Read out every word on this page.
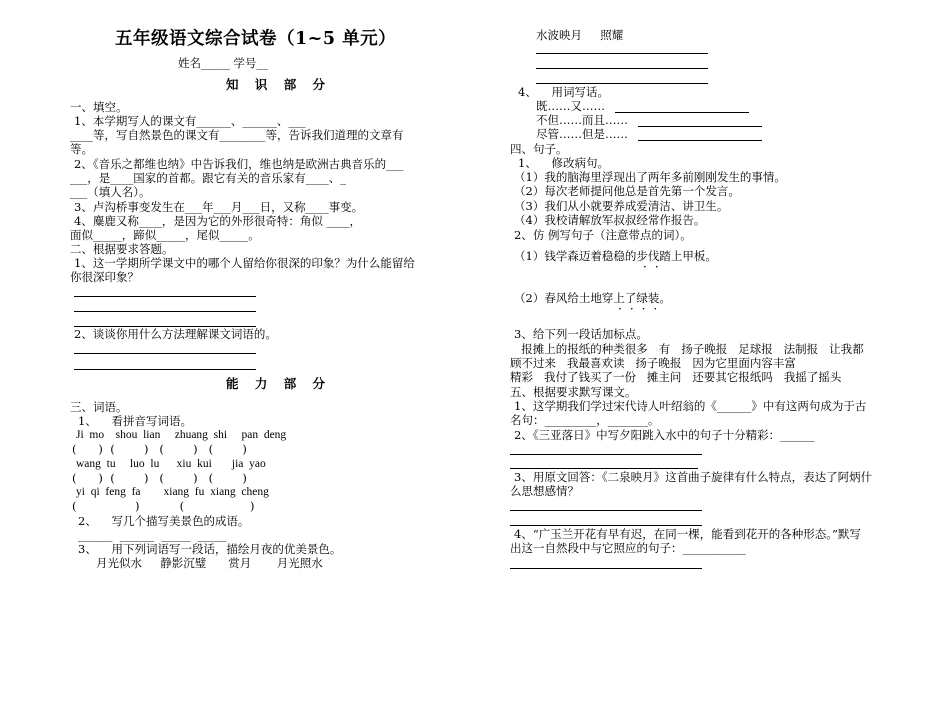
五年级语文综合试卷（1~5 单元）
姓名_____ 学号__
知 识 部 分
一、填空。
1、本学期写人的课文有______、______、___
____等，写自然景色的课文有________等，告诉我们道理的文章有
等。
2、《音乐之都维也纳》中告诉我们，维也纳是欧洲古典音乐的___
___，是____国家的首都。跟它有关的音乐家有____、_
___（填人名）。
3、卢沟桥事变发生在___年___月___日，又称____事变。
4、麋鹿又称____，是因为它的外形很奇特：角似 ____，
面似_____，蹄似_____，尾似_____。
二、根据要求答题。
1、这一学期所学课文中的哪个人留给你很深的印象？为什么能留给
你很深印象？
2、谈谈你用什么方法理解课文词语的。
能 力 部 分
三、词语。
1、    看拼音写词语。
Ji  mo    shou  lian     zhuang  shi     pan  deng
(      )  (        )   (        )   (        )
wang  tu     luo  lu      xiu  kui       jia  yao
(      )  (        )   (        )   (        )
yi  qi  feng  fa        xiang  fu  xiang  cheng
(                )           (                  )
2、    写几个描写美景色的成语。
______  ______  _____  _____
3、    用下列词语写一段话，描绘月夜的优美景色。
月光似水     静影沉璧      赏月       月光照水
水波映月     照耀
4、    用词写话。
既……又……
不但……而且……
尽管……但是……
四、句子。
1、    修改病句。
（1）我的脑海里浮现出了两年多前刚刚发生的事情。
（2）每次老师提问他总是首先第一个发言。
（3）我们从小就要养成爱清洁、讲卫生。
（4）我校请解放军叔叔经常作报告。
2、仿 例写句子（注意带点的词）。
（1）钱学森迈着稳稳的步伐踏上甲板。
··
（2）春风给土地穿上了绿装。
····
3、给下列一段话加标点。
报摊上的报纸的种类很多   有   扬子晚报   足球报   法制报   让我都
顾不过来   我最喜欢读   扬子晚报   因为它里面内容丰富
精彩   我付了钱买了一份   摊主问   还要其它报纸吗   我摇了摇头
五、根据要求默写课文。
1、这学期我们学过宋代诗人叶绍翁的《______》中有这两句成为于古
名句：_________，_______。
2、《三亚落日》中写夕阳跳入水中的句子十分精彩：______
3、用原文回答：《二泉映月》这首曲子旋律有什么特点，表达了阿炳什
么思想感情？
4、“广玉兰开花有早有迟，在同一棵，能看到花开的各种形态。”默写
出这一自然段中与它照应的句子：___________
